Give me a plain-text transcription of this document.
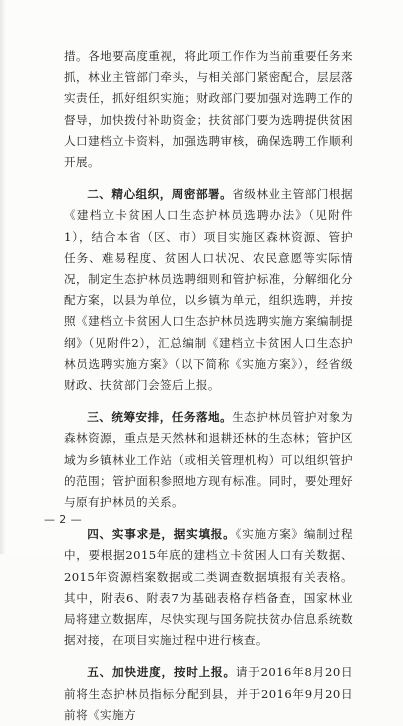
措。各地要高度重视，将此项工作作为当前重要任务来抓，林业主管部门牵头，与相关部门紧密配合，层层落实责任，抓好组织实施；财政部门要加强对选聘工作的督导，加快拨付补助资金；扶贫部门要为选聘提供贫困人口建档立卡资料，加强选聘审核，确保选聘工作顺利开展。

二、精心组织，周密部署。省级林业主管部门根据《建档立卡贫困人口生态护林员选聘办法》（见附件1），结合本省（区、市）项目实施区森林资源、管护任务、难易程度、贫困人口状况、农民意愿等实际情况，制定生态护林员选聘细则和管护标准，分解细化分配方案，以县为单位，以乡镇为单元，组织选聘，并按照《建档立卡贫困人口生态护林员选聘实施方案编制提纲》（见附件2），汇总编制《建档立卡贫困人口生态护林员选聘实施方案》（以下简称《实施方案》），经省级财政、扶贫部门会签后上报。

三、统筹安排，任务落地。生态护林员管护对象为森林资源，重点是天然林和退耕还林的生态林；管护区域为乡镇林业工作站（或相关管理机构）可以组织管护的范围；管护面积参照地方现有标准。同时，要处理好与原有护林员的关系。

四、实事求是，据实填报。《实施方案》编制过程中，要根据2015年底的建档立卡贫困人口有关数据、2015年资源档案数据或二类调查数据填报有关表格。其中，附表6、附表7为基础表格存档备查，国家林业局将建立数据库，尽快实现与国务院扶贫办信息系统数据对接，在项目实施过程中进行核查。

五、加快进度，按时上报。请于2016年8月20日前将生态护林员指标分配到县，并于2016年9月20日前将《实施方

— 2 —
